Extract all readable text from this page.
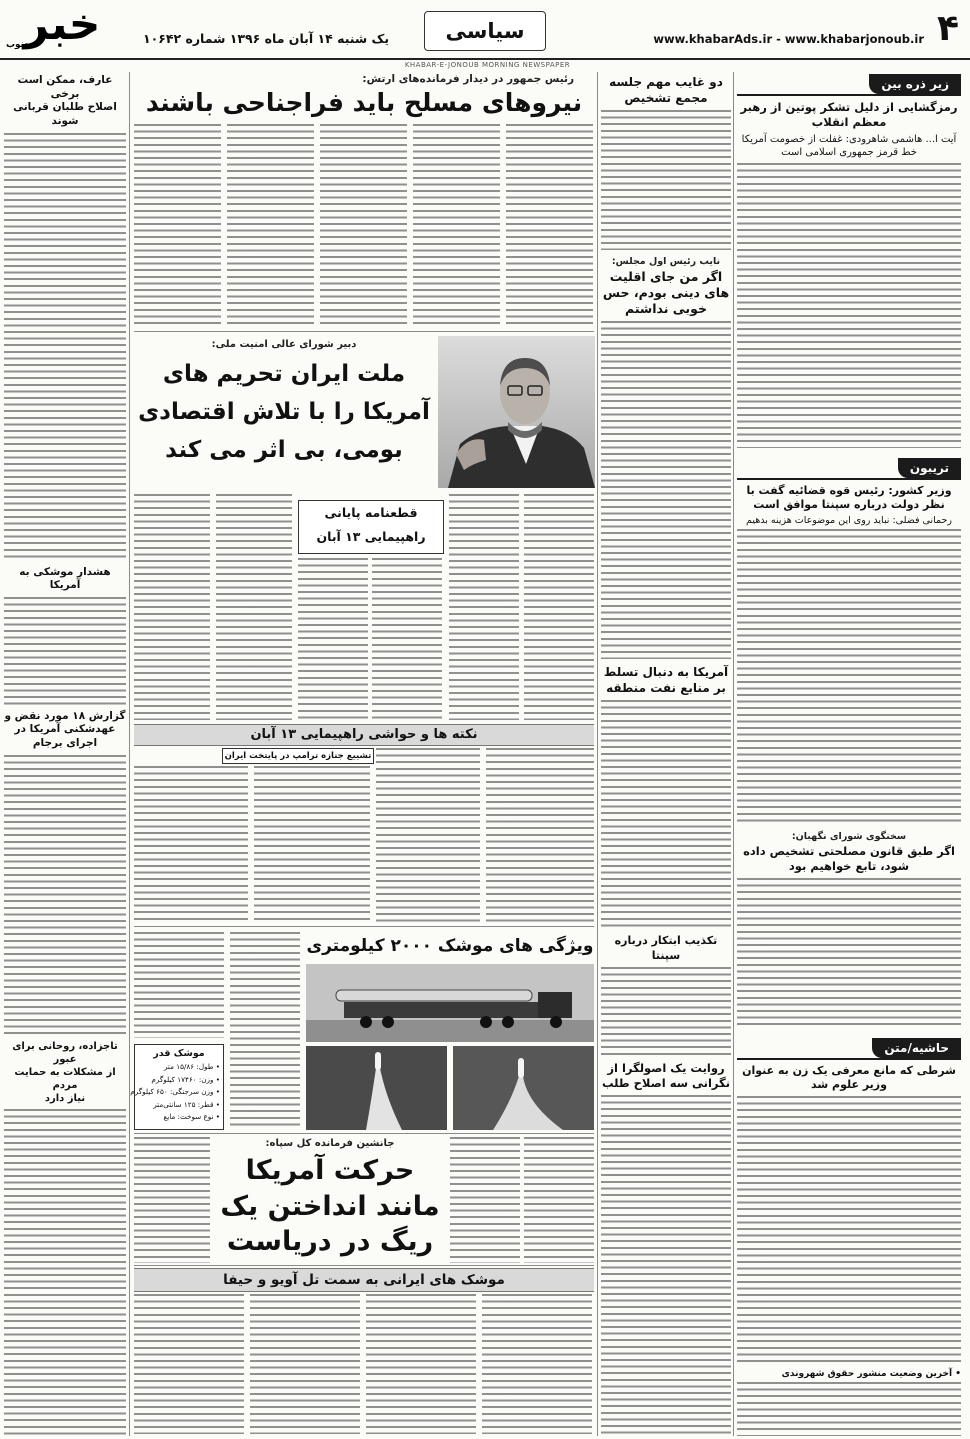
خبر
جنوب	یک شنبه ۱۴ آبان ماه ۱۳۹۶ شماره ۱۰۶۴۲	سیاسی	www.khabarAds.ir - www.khabarjonoub.ir ۴
KHABAR-E-JONOUB MORNING NEWSPAPER
زیر ذره بین
رمزگشایی از دلیل تشکر پوتین از رهبر معظم انقلاب
آیت ا... هاشمی شاهرودی: غفلت از خصومت آمریکا خط قرمز جمهوری اسلامی است
تریبون
وزیر کشور: رئیس قوه قضائیه گفت با نظر دولت درباره سپنتا موافق است
رحمانی فضلی: نباید روی این موضوعات هزینه بدهیم
سخنگوی شورای نگهبان:
اگر طبق قانون مصلحتی تشخیص داده شود، تابع خواهیم بود
حاشیه/متن
شرطی که مانع معرفی یک زن به عنوان وزیر علوم شد
• آخرین وضعیت منشور حقوق شهروندی
دو غایب مهم جلسه مجمع تشخیص
نایب رئیس اول مجلس:
اگر من جای اقلیت های دینی بودم، حس خوبی نداشتم
آمریکا به دنبال تسلط بر منابع نفت منطقه
تکذیب ابتکار درباره سپنتا
روایت یک اصولگرا از نگرانی سه اصلاح طلب
عارف، ممکن است برخی
اصلاح طلبان قربانی شوند
هشدار موشکی به آمریکا
گزارش ۱۸ مورد نقض و
عهدشکنی آمریکا در
اجرای برجام
تاجزاده، روحانی برای عبور
از مشکلات به حمایت مردم
نیاز دارد
رئیس جمهور در دیدار فرمانده‌های ارتش:
نیروهای مسلح باید فراجناحی باشند
دبیر شورای عالی امنیت ملی:
ملت ایران تحریم های
آمریکا را با تلاش اقتصادی
بومی، بی اثر می کند
قطعنامه پایانی
راهپیمایی ۱۳ آبان
نکته ها و حواشی راهپیمایی ۱۳ آبان
تشییع جنازه ترامپ در پایتخت ایران
ویژگی های موشک ۲۰۰۰ کیلومتری
موشک قدر
• طول: ۱۵/۸۶ متر
• وزن: ۱۷۴۶۰ کیلوگرم
• وزن سرجنگی: ۶۵۰ کیلوگرم
• قطر: ۱۲۵ سانتی‌متر
• نوع سوخت: مایع
جانشین فرمانده کل سپاه:
حرکت آمریکا
مانند انداختن یک
ریگ در دریاست
موشک های ایرانی به سمت تل آویو و حیفا
